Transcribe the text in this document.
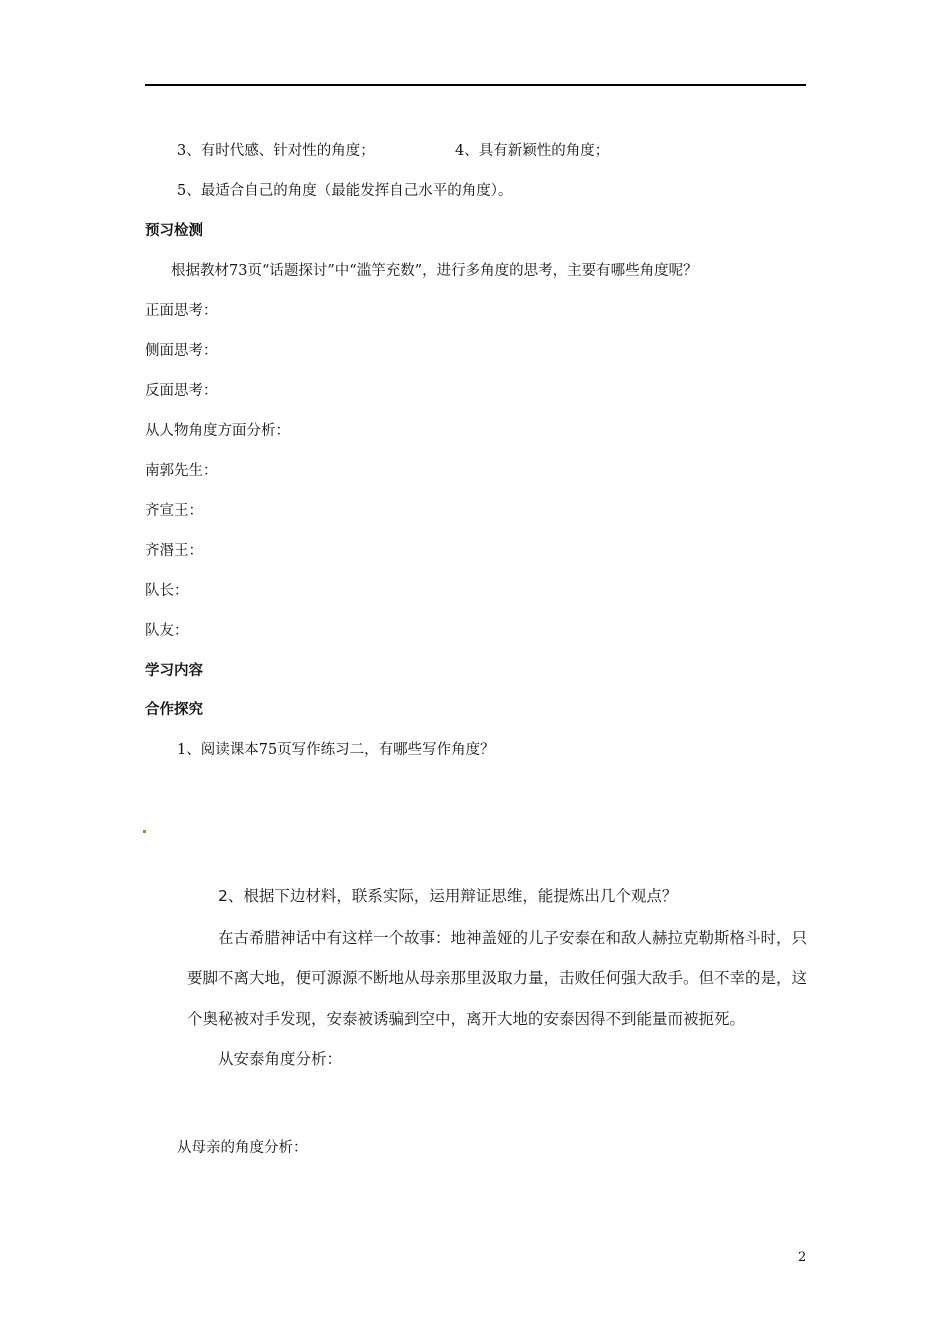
3、有时代感、针对性的角度；	4、具有新颖性的角度；
5、最适合自己的角度（最能发挥自己水平的角度）。
预习检测
根据教材73页“话题探讨”中“滥竽充数”，进行多角度的思考，主要有哪些角度呢？
正面思考：
侧面思考：
反面思考：
从人物角度方面分析：
南郭先生：
齐宣王：
齐湣王：
队长：
队友：
学习内容
合作探究
1、阅读课本75页写作练习二，有哪些写作角度？
2、根据下边材料，联系实际，运用辩证思维，能提炼出几个观点？
在古希腊神话中有这样一个故事：地神盖娅的儿子安泰在和敌人赫拉克勒斯格斗时，只
要脚不离大地，便可源源不断地从母亲那里汲取力量，击败任何强大敌手。但不幸的是，这
个奥秘被对手发现，安泰被诱骗到空中，离开大地的安泰因得不到能量而被扼死。
从安泰角度分析：
从母亲的角度分析：
2
